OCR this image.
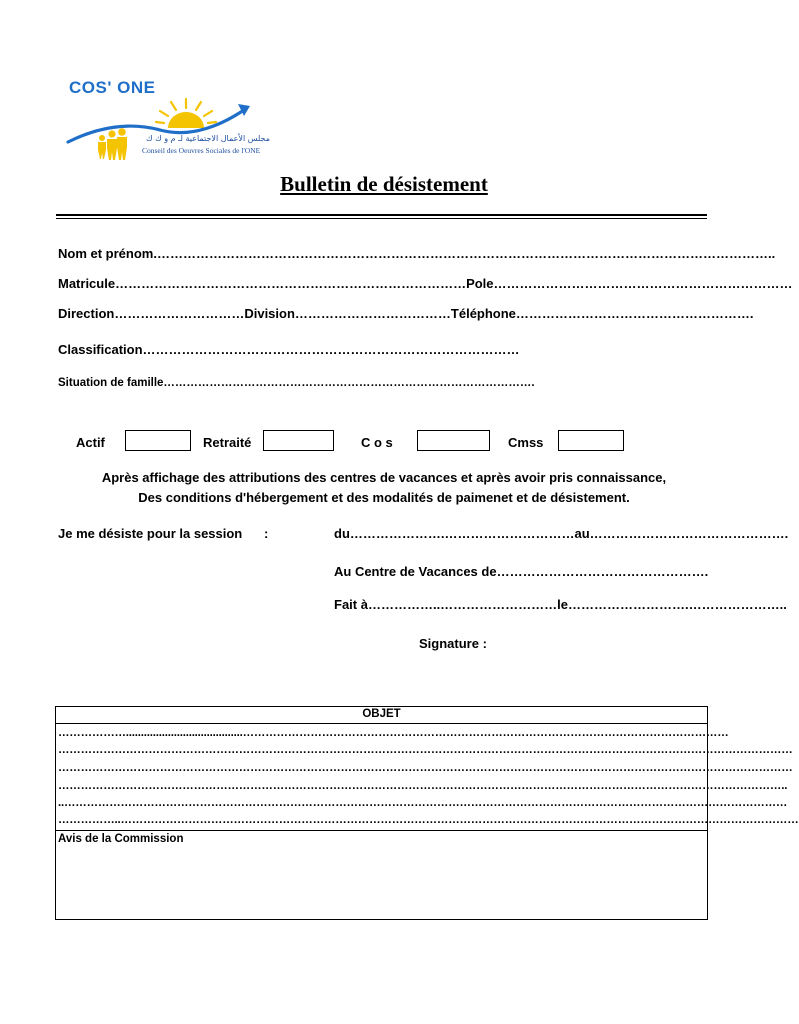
COS' ONE
مجلس الأعمال الاجتماعية لـ م و ك ك
Conseil des Oeuvres Sociales de l'ONE
Bulletin de désistement
Nom et prénom.……………………………………………………………………………………………………………………………..
Matricule………………………………………………………………………Pole……………………………………………………………
Direction…………………………Division………………………………Téléphone……………………………………………….
Classification……………………………………………………………………………
Situation de famille…………………………………………………………………………………….
Actif	Retraité	C o s	Cmss
Après affichage des attributions des centres de vacances et après avoir pris connaissance,
Des conditions d'hébergement et des modalités de paimenet et de désistement.
Je me désiste pour la session :	du………………….…………………………au……………………………………….
Au Centre de Vacances de………………………………………….
Fait à……………..………………………le……………………….…………………..
Signature :
OBJET
……………….......................................…………………………………………………………………………………………………………………
……………………………………………………………………………………………………………………………………………………………………………
……………………………………………………………………………………………………………………………………………………………………………
…………………………………………………………………………………………………………………………………………………………………………..
..…………………………………………………………………………………………………………………………………………………………………………
……………..………………………………………………………………………………………………………………………………………………………………
Avis de la Commission
